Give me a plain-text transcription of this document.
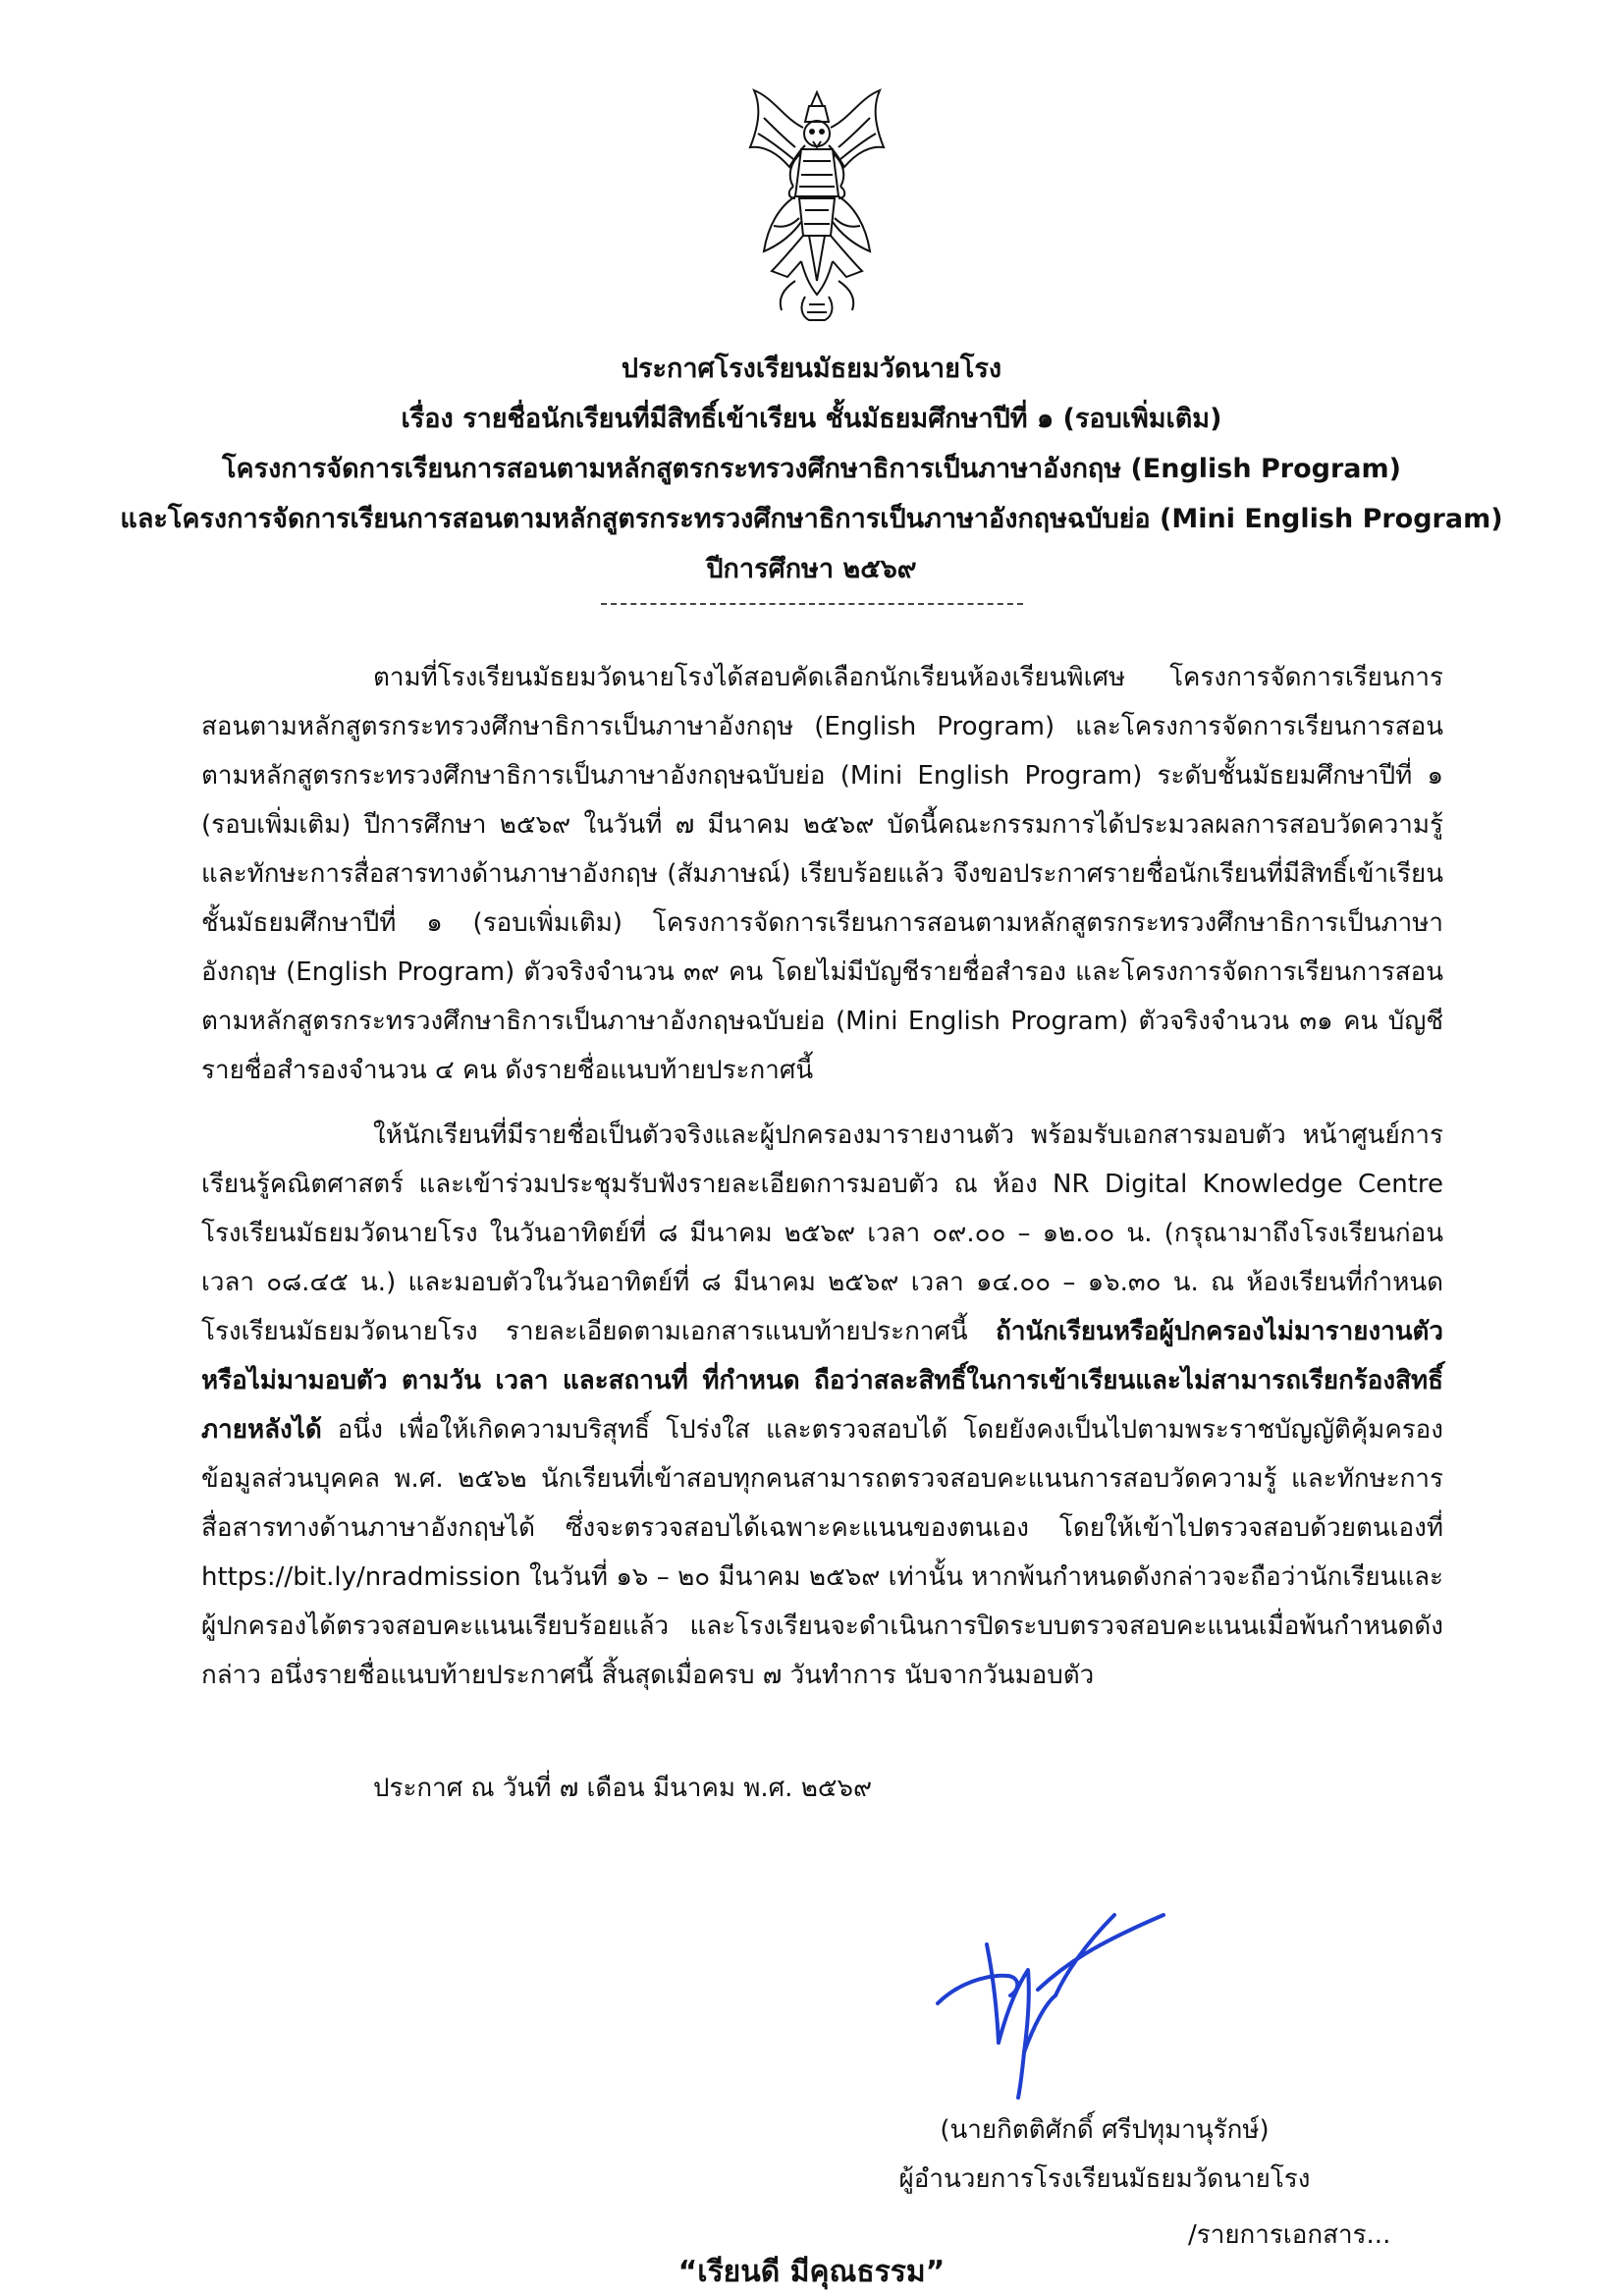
ประกาศโรงเรียนมัธยมวัดนายโรง
เรื่อง รายชื่อนักเรียนที่มีสิทธิ์เข้าเรียน ชั้นมัธยมศึกษาปีที่ ๑ (รอบเพิ่มเติม)
โครงการจัดการเรียนการสอนตามหลักสูตรกระทรวงศึกษาธิการเป็นภาษาอังกฤษ (English Program)
และโครงการจัดการเรียนการสอนตามหลักสูตรกระทรวงศึกษาธิการเป็นภาษาอังกฤษฉบับย่อ (Mini English Program)
ปีการศึกษา ๒๕๖๙

ตามที่โรงเรียนมัธยมวัดนายโรงได้สอบคัดเลือกนักเรียนห้องเรียนพิเศษ โครงการจัดการเรียนการสอนตามหลักสูตรกระทรวงศึกษาธิการเป็นภาษาอังกฤษ (English Program) และโครงการจัดการเรียนการสอนตามหลักสูตรกระทรวงศึกษาธิการเป็นภาษาอังกฤษฉบับย่อ (Mini English Program) ระดับชั้นมัธยมศึกษาปีที่ ๑ (รอบเพิ่มเติม) ปีการศึกษา ๒๕๖๙ ในวันที่ ๗ มีนาคม ๒๕๖๙ บัดนี้คณะกรรมการได้ประมวลผลการสอบวัดความรู้ และทักษะการสื่อสารทางด้านภาษาอังกฤษ (สัมภาษณ์) เรียบร้อยแล้ว จึงขอประกาศรายชื่อนักเรียนที่มีสิทธิ์เข้าเรียนชั้นมัธยมศึกษาปีที่ ๑ (รอบเพิ่มเติม) โครงการจัดการเรียนการสอนตามหลักสูตรกระทรวงศึกษาธิการเป็นภาษาอังกฤษ (English Program) ตัวจริงจำนวน ๓๙ คน โดยไม่มีบัญชีรายชื่อสำรอง และโครงการจัดการเรียนการสอนตามหลักสูตรกระทรวงศึกษาธิการเป็นภาษาอังกฤษฉบับย่อ (Mini English Program) ตัวจริงจำนวน ๓๑ คน บัญชีรายชื่อสำรองจำนวน ๔ คน ดังรายชื่อแนบท้ายประกาศนี้

ให้นักเรียนที่มีรายชื่อเป็นตัวจริงและผู้ปกครองมารายงานตัว พร้อมรับเอกสารมอบตัว หน้าศูนย์การเรียนรู้คณิตศาสตร์ และเข้าร่วมประชุมรับฟังรายละเอียดการมอบตัว ณ ห้อง NR Digital Knowledge Centre โรงเรียนมัธยมวัดนายโรง ในวันอาทิตย์ที่ ๘ มีนาคม ๒๕๖๙ เวลา ๐๙.๐๐ – ๑๒.๐๐ น. (กรุณามาถึงโรงเรียนก่อนเวลา ๐๘.๔๕ น.) และมอบตัวในวันอาทิตย์ที่ ๘ มีนาคม ๒๕๖๙ เวลา ๑๔.๐๐ – ๑๖.๓๐ น. ณ ห้องเรียนที่กำหนด โรงเรียนมัธยมวัดนายโรง รายละเอียดตามเอกสารแนบท้ายประกาศนี้ ถ้านักเรียนหรือผู้ปกครองไม่มารายงานตัวหรือไม่มามอบตัว ตามวัน เวลา และสถานที่ ที่กำหนด ถือว่าสละสิทธิ์ในการเข้าเรียนและไม่สามารถเรียกร้องสิทธิ์ภายหลังได้ อนึ่ง เพื่อให้เกิดความบริสุทธิ์ โปร่งใส และตรวจสอบได้ โดยยังคงเป็นไปตามพระราชบัญญัติคุ้มครองข้อมูลส่วนบุคคล พ.ศ. ๒๕๖๒ นักเรียนที่เข้าสอบทุกคนสามารถตรวจสอบคะแนนการสอบวัดความรู้ และทักษะการสื่อสารทางด้านภาษาอังกฤษได้ ซึ่งจะตรวจสอบได้เฉพาะคะแนนของตนเอง โดยให้เข้าไปตรวจสอบด้วยตนเองที่ https://bit.ly/nradmission ในวันที่ ๑๖ – ๒๐ มีนาคม ๒๕๖๙ เท่านั้น หากพ้นกำหนดดังกล่าวจะถือว่านักเรียนและผู้ปกครองได้ตรวจสอบคะแนนเรียบร้อยแล้ว และโรงเรียนจะดำเนินการปิดระบบตรวจสอบคะแนนเมื่อพ้นกำหนดดังกล่าว อนึ่งรายชื่อแนบท้ายประกาศนี้ สิ้นสุดเมื่อครบ ๗ วันทำการ นับจากวันมอบตัว

ประกาศ ณ วันที่ ๗ เดือน มีนาคม พ.ศ. ๒๕๖๙
(นายกิตติศักดิ์ ศรีปทุมานุรักษ์)
ผู้อำนวยการโรงเรียนมัธยมวัดนายโรง
/รายการเอกสาร...
“เรียนดี มีคุณธรรม”
